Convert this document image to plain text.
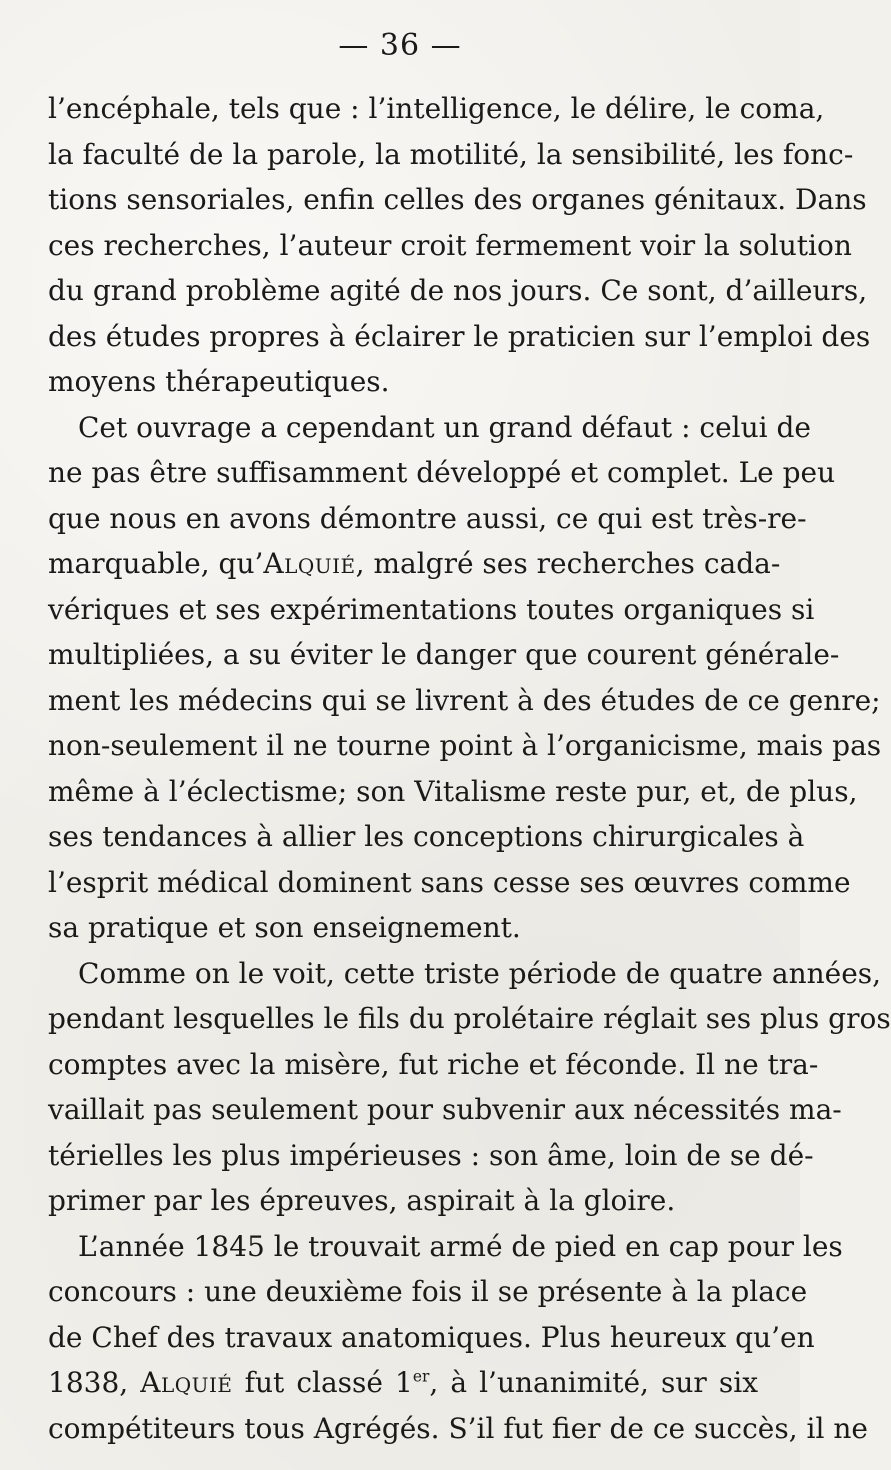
— 36 —
l’encéphale, tels que : l’intelligence, le délire, le coma,
la faculté de la parole, la motilité, la sensibilité, les fonc-
tions sensoriales, enfin celles des organes génitaux. Dans
ces recherches, l’auteur croit fermement voir la solution
du grand problème agité de nos jours. Ce sont, d’ailleurs,
des études propres à éclairer le praticien sur l’emploi des
moyens thérapeutiques.
Cet ouvrage a cependant un grand défaut : celui de
ne pas être suffisamment développé et complet. Le peu
que nous en avons démontre aussi, ce qui est très-re-
marquable, qu’Alquié, malgré ses recherches cada-
vériques et ses expérimentations toutes organiques si
multipliées, a su éviter le danger que courent générale-
ment les médecins qui se livrent à des études de ce genre;
non-seulement il ne tourne point à l’organicisme, mais pas
même à l’éclectisme; son Vitalisme reste pur, et, de plus,
ses tendances à allier les conceptions chirurgicales à
l’esprit médical dominent sans cesse ses œuvres comme
sa pratique et son enseignement.
Comme on le voit, cette triste période de quatre années,
pendant lesquelles le fils du prolétaire réglait ses plus gros
comptes avec la misère, fut riche et féconde. Il ne tra-
vaillait pas seulement pour subvenir aux nécessités ma-
térielles les plus impérieuses : son âme, loin de se dé-
primer par les épreuves, aspirait à la gloire.
L’année 1845 le trouvait armé de pied en cap pour les
concours : une deuxième fois il se présente à la place
de Chef des travaux anatomiques. Plus heureux qu’en
1838, Alquié fut classé 1er, à l’unanimité, sur six
compétiteurs tous Agrégés. S’il fut fier de ce succès, il ne
